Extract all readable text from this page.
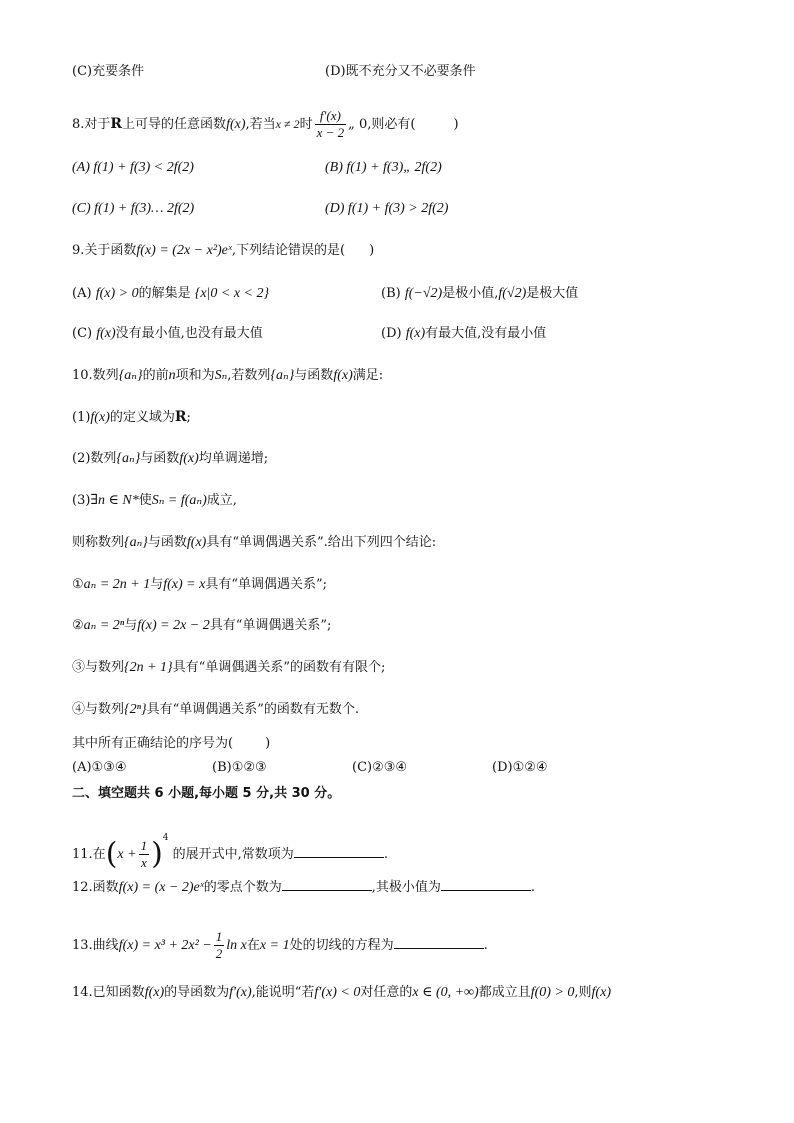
(C)充要条件	(D)既不充分又不必要条件
8.对于R上可导的任意函数f(x),若当x ≠ 2时 $\frac{f'(x)}{x - 2}$ „ 0,则必有(	)
(A) f(1) + f(3) < 2f(2)	(B) f(1) + f(3)„ 2f(2)
(C) f(1) + f(3)… 2f(2)	(D) f(1) + f(3) > 2f(2)
9.关于函数f(x) = (2x − x²)eˣ,下列结论错误的是( )
(A) f(x) > 0的解集是 {x|0 < x < 2}	(B) f(−√2)是极小值,f(√2)是极大值
(C) f(x)没有最小值,也没有最大值	(D) f(x)有最大值,没有最小值
10.数列{aₙ}的前n项和为Sₙ,若数列{aₙ}与函数f(x)满足:
(1)f(x)的定义域为R;
(2)数列{aₙ}与函数f(x)均单调递增;
(3)∃n ∈ N*使Sₙ = f(aₙ)成立,
则称数列{aₙ}与函数f(x)具有“单调偶遇关系”.给出下列四个结论:
①aₙ = 2n + 1与f(x) = x具有“单调偶遇关系”;
②aₙ = 2ⁿ与f(x) = 2x − 2具有“单调偶遇关系”;
③与数列{2n + 1}具有“单调偶遇关系”的函数有有限个;
④与数列{2ⁿ}具有“单调偶遇关系”的函数有无数个.
其中所有正确结论的序号为( )
(A)①③④	(B)①②③	(C)②③④	(D)①②④
二、填空题共 6 小题,每小题 5 分,共 30 分。
11.在$(x + \frac{1}{x} )^4$ 的展开式中,常数项为	.
12.函数f(x) = (x − 2)eˣ的零点个数为	,其极小值为	.
13.曲线$f(x) = x^3 + 2x^2 - \frac{1}{2}$ ln x在x = 1处的切线的方程为	.
14.已知函数f(x)的导函数为f′(x),能说明“若f′(x) < 0对任意的x ∈ (0, +∞)都成立且f(0) > 0,则f(x)
